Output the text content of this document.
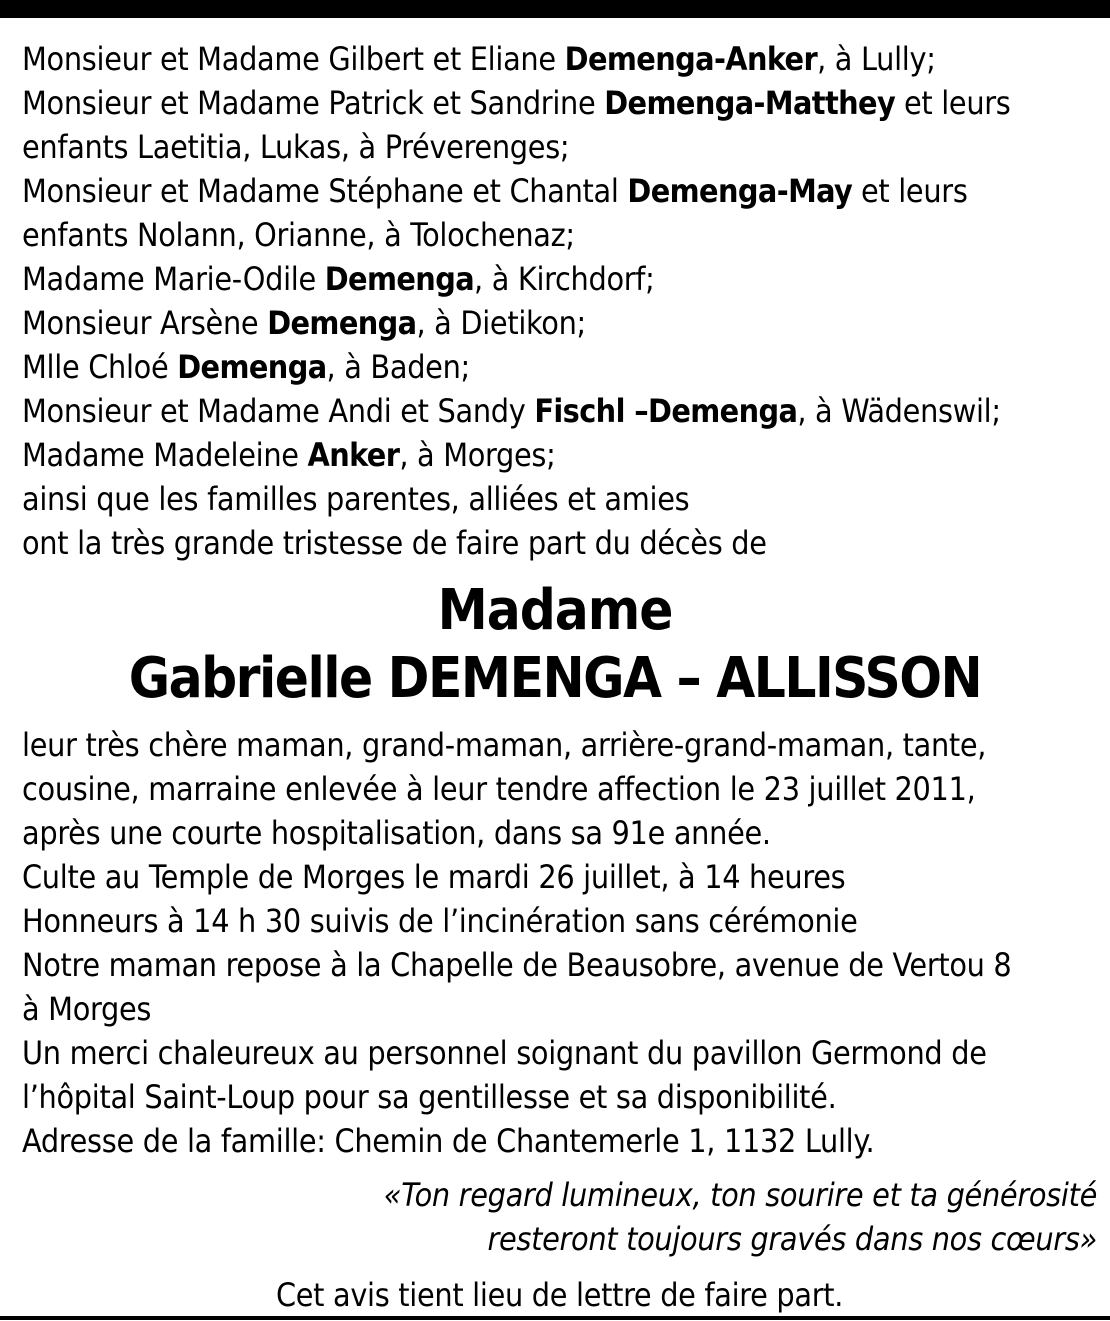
Monsieur et Madame Gilbert et Eliane Demenga-Anker, à Lully;
Monsieur et Madame Patrick et Sandrine Demenga-Matthey et leurs
enfants Laetitia, Lukas, à Préverenges;
Monsieur et Madame Stéphane et Chantal Demenga-May et leurs
enfants Nolann, Orianne, à Tolochenaz;
Madame Marie-Odile Demenga, à Kirchdorf;
Monsieur Arsène Demenga, à Dietikon;
Mlle Chloé Demenga, à Baden;
Monsieur et Madame Andi et Sandy Fischl –Demenga, à Wädenswil;
Madame Madeleine Anker, à Morges;
ainsi que les familles parentes, alliées et amies
ont la très grande tristesse de faire part du décès de
Madame
Gabrielle DEMENGA – ALLISSON
leur très chère maman, grand-maman, arrière-grand-maman, tante,
cousine, marraine enlevée à leur tendre affection le 23 juillet 2011,
après une courte hospitalisation, dans sa 91e année.
Culte au Temple de Morges le mardi 26 juillet, à 14 heures
Honneurs à 14 h 30 suivis de l’incinération sans cérémonie
Notre maman repose à la Chapelle de Beausobre, avenue de Vertou 8
à Morges
Un merci chaleureux au personnel soignant du pavillon Germond de
l’hôpital Saint-Loup pour sa gentillesse et sa disponibilité.
Adresse de la famille: Chemin de Chantemerle 1, 1132 Lully.
«Ton regard lumineux, ton sourire et ta générosité
resteront toujours gravés dans nos cœurs»
Cet avis tient lieu de lettre de faire part.
